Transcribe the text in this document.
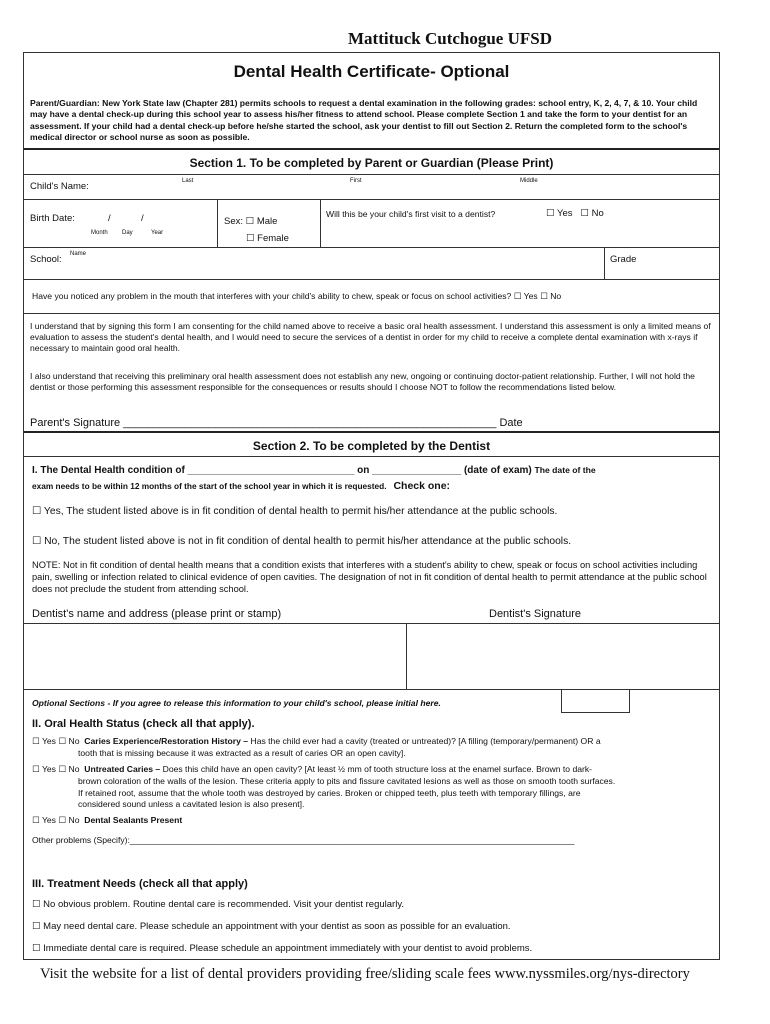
Mattituck Cutchogue UFSD
Dental Health Certificate- Optional
Parent/Guardian: New York State law (Chapter 281) permits schools to request a dental examination in the following grades: school entry, K, 2, 4, 7, & 10. Your child may have a dental check-up during this school year to assess his/her fitness to attend school. Please complete Section 1 and take the form to your dentist for an assessment. If your child had a dental check-up before he/she started the school, ask your dentist to fill out Section 2. Return the completed form to the school's medical director or school nurse as soon as possible.
Section 1. To be completed by Parent or Guardian (Please Print)
Child's Name:	Last	First	Middle
Birth Date:	/	/
Month Day	Year
Sex: ☐ Male
☐ Female
Will this be your child's first visit to a dentist?	☐ Yes ☐ No
School: Name	Grade
Have you noticed any problem in the mouth that interferes with your child's ability to chew, speak or focus on school activities? ☐ Yes ☐ No
I understand that by signing this form I am consenting for the child named above to receive a basic oral health assessment. I understand this assessment is only a limited means of evaluation to assess the student's dental health, and I would need to secure the services of a dentist in order for my child to receive a complete dental examination with x-rays if necessary to maintain good oral health.
I also understand that receiving this preliminary oral health assessment does not establish any new, ongoing or continuing doctor-patient relationship. Further, I will not hold the dentist or those performing this assessment responsible for the consequences or results should I choose NOT to follow the recommendations listed below.
Parent's Signature _____________________________________________________________ Date
Section 2. To be completed by the Dentist
I. The Dental Health condition of ______________________________ on ________________ (date of exam) The date of the
exam needs to be within 12 months of the start of the school year in which it is requested. Check one:
☐ Yes, The student listed above is in fit condition of dental health to permit his/her attendance at the public schools.
☐ No, The student listed above is not in fit condition of dental health to permit his/her attendance at the public schools.
NOTE: Not in fit condition of dental health means that a condition exists that interferes with a student's ability to chew, speak or focus on school activities including pain, swelling or infection related to clinical evidence of open cavities. The designation of not in fit condition of dental health to permit attendance at the public school does not preclude the student from attending school.
Dentist's name and address (please print or stamp)	Dentist's Signature
Optional Sections - If you agree to release this information to your child's school, please initial here.
II. Oral Health Status (check all that apply).
☐ Yes ☐ No Caries Experience/Restoration History – Has the child ever had a cavity (treated or untreated)? [A filling (temporary/permanent) OR a
tooth that is missing because it was extracted as a result of caries OR an open cavity].
☐ Yes ☐ No Untreated Caries – Does this child have an open cavity? [At least ½ mm of tooth structure loss at the enamel surface. Brown to dark-
brown coloration of the walls of the lesion. These criteria apply to pits and fissure cavitated lesions as well as those on smooth tooth surfaces.
If retained root, assume that the whole tooth was destroyed by caries. Broken or chipped teeth, plus teeth with temporary fillings, are
considered sound unless a cavitated lesion is also present].
☐ Yes ☐ No Dental Sealants Present
Other problems (Specify):_____________________________________________________________________________________________
III. Treatment Needs (check all that apply)
☐ No obvious problem. Routine dental care is recommended. Visit your dentist regularly.
☐ May need dental care. Please schedule an appointment with your dentist as soon as possible for an evaluation.
☐ Immediate dental care is required. Please schedule an appointment immediately with your dentist to avoid problems.
Visit the website for a list of dental providers providing free/sliding scale fees www.nyssmiles.org/nys-directory
